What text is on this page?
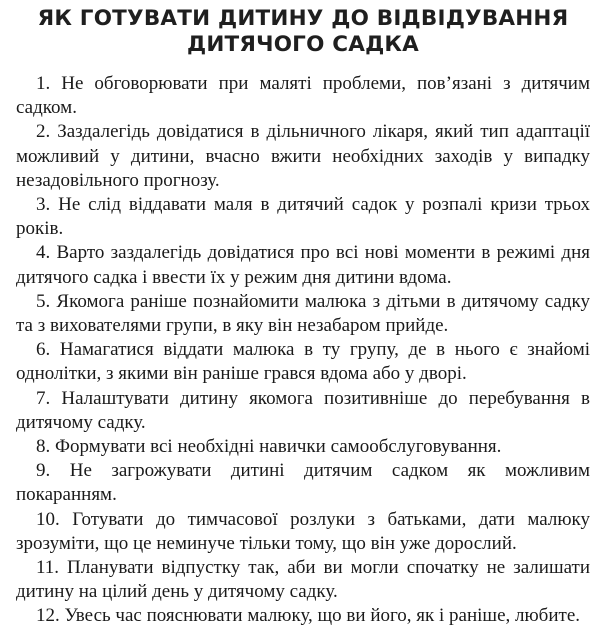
ЯК ГОТУВАТИ ДИТИНУ ДО ВІДВІДУВАННЯ
ДИТЯЧОГО САДКА
1. Не обговорювати при маляті проблеми, пов’язані з дитячим садком.
2. Заздалегідь довідатися в дільничного лікаря, який тип адаптації можливий у дитини, вчасно вжити необхідних заходів у випадку незадовільного прогнозу.
3. Не слід віддавати маля в дитячий садок у розпалі кризи трьох років.
4. Варто заздалегідь довідатися про всі нові моменти в режимі дня дитячого садка і ввести їх у режим дня дитини вдома.
5. Якомога раніше познайомити малюка з дітьми в дитячому садку та з вихователями групи, в яку він незабаром прийде.
6. Намагатися віддати малюка в ту групу, де в нього є знайомі однолітки, з якими він раніше грався вдома або у дворі.
7. Налаштувати дитину якомога позитивніше до перебування в дитячому садку.
8. Формувати всі необхідні навички самообслуговування.
9. Не загрожувати дитині дитячим садком як можливим покаранням.
10. Готувати до тимчасової розлуки з батьками, дати малюку зрозуміти, що це неминуче тільки тому, що він уже дорослий.
11. Планувати відпустку так, аби ви могли спочатку не залишати дитину на цілий день у дитячому садку.
12. Увесь час пояснювати малюку, що ви його, як і раніше, любите.
